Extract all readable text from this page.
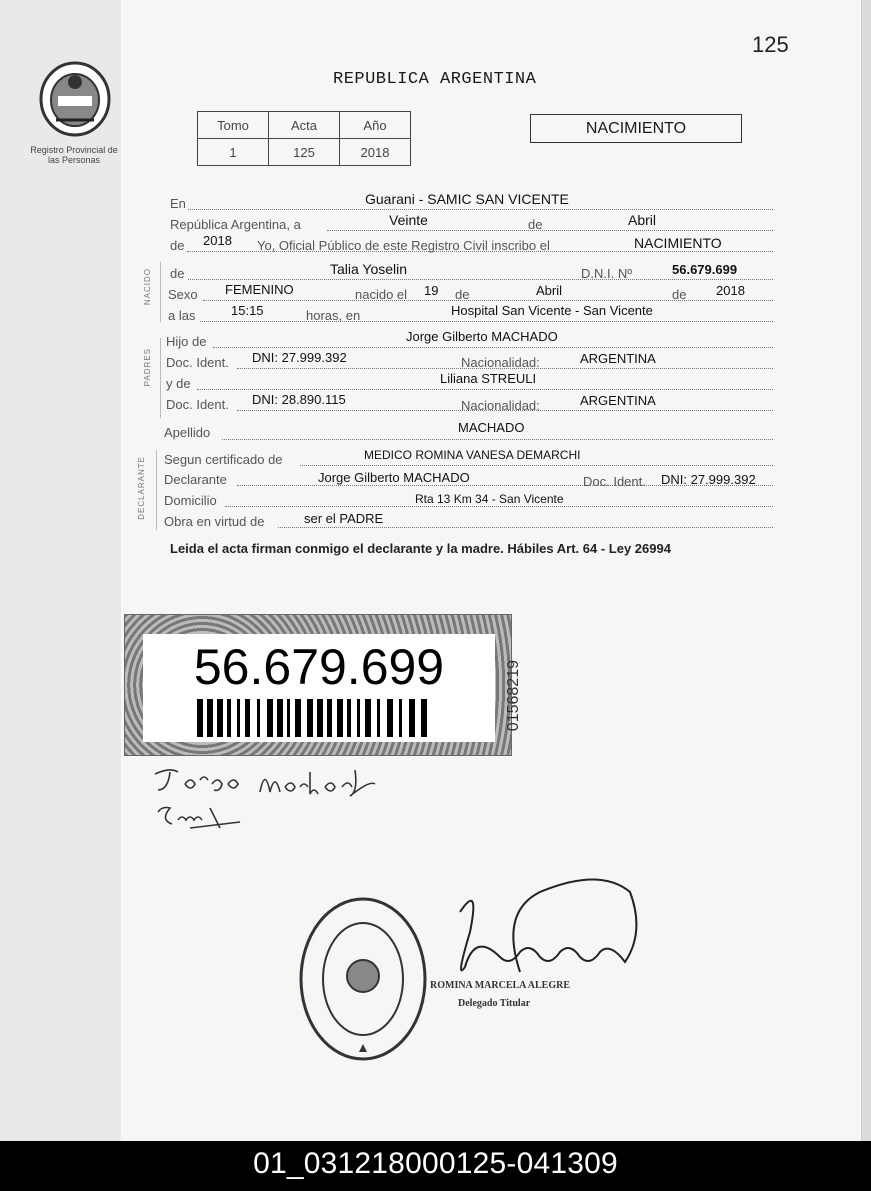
125
Registro Provincial de las Personas
REPUBLICA ARGENTINA
Tomo	Acta	Año
1	125	2018
NACIMIENTO
En	Guarani - SAMIC SAN VICENTE
República Argentina, a	Veinte	de	Abril
de 2018 Yo, Oficial Público de este Registro Civil inscribo el	NACIMIENTO
NACIDO de	Talia Yoselin	D.N.I. Nº	56.679.699
Sexo FEMENINO	nacido el 19 de	Abril	de 2018
a las	15:15	horas, en	Hospital San Vicente - San Vicente
PADRES
Hijo de	Jorge Gilberto MACHADO
Doc. Ident. DNI: 27.999.392	Nacionalidad:	ARGENTINA
y de	Liliana STREULI
Doc. Ident. DNI: 28.890.115	Nacionalidad:	ARGENTINA
Apellido	MACHADO
DECLARANTE Segun certificado de	MEDICO ROMINA VANESA DEMARCHI
Declarante	Jorge Gilberto MACHADO	Doc. Ident. DNI: 27.999.392
Domicilio	Rta 13 Km 34 - San Vicente
Obra en virtud de	ser el PADRE
Leida el acta firman conmigo el declarante y la madre. Hábiles Art. 64 - Ley 26994
56.679.699	01568219
ROMINA MARCELA ALEGRE
Delegado Titular
01_031218000125-041309
